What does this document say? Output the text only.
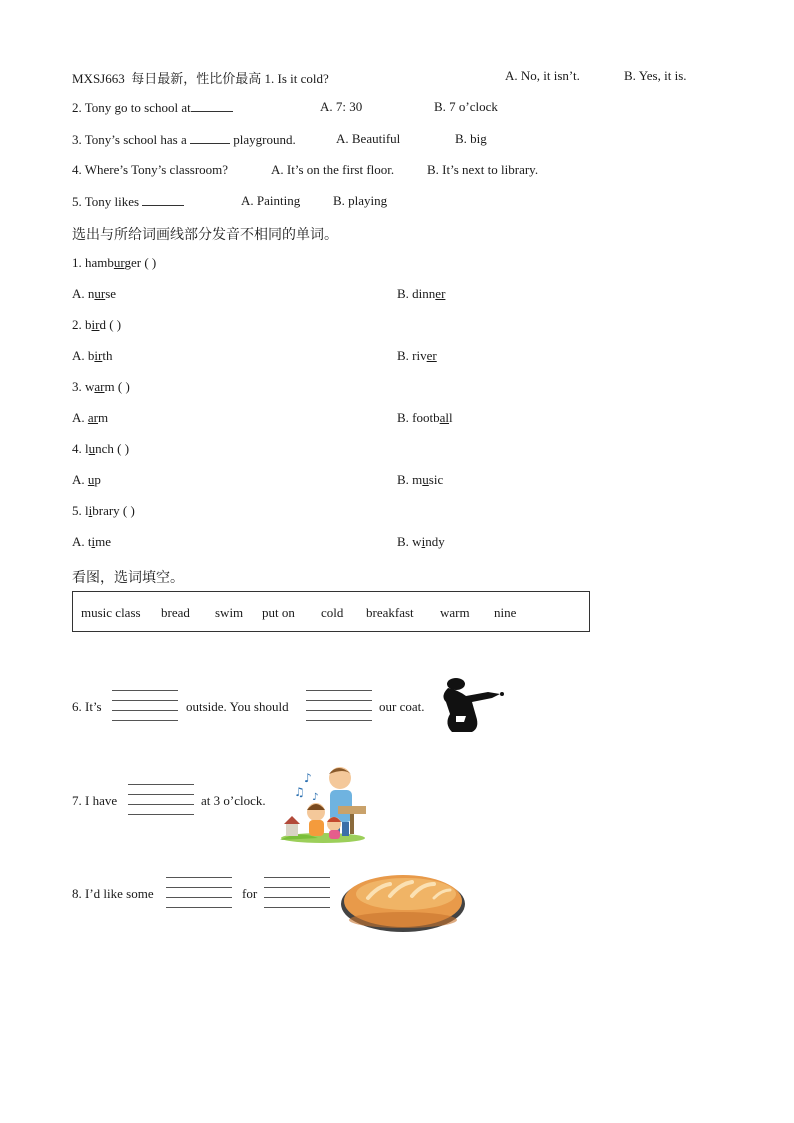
MXSJ663 每日最新，性比价最高 1. Is it cold?	A. No, it isn’t.	B. Yes, it is.
2. Tony go to school at	A. 7: 30	B. 7 o’clock
3. Tony’s school has a	playground.	A. Beautiful	B. big
4. Where’s Tony’s classroom?	A. It’s on the first floor.	B. It’s next to library.
5. Tony likes	A. Painting	B. playing
选出与所给词画线部分发音不相同的单词。
1. hamburger ( )
A. nurse	B. dinner
2. bird ( )
A. birth	B. river
3. warm ( )
A. arm	B. football
4. lunch ( )
A. up	B. music
5. library ( )
A. time	B. windy
看图，选词填空。
music class bread swim put on cold breakfast warm nine
6. It’s	outside. You should	our coat.
7. I have	at 3 o’clock.
♪
♫ ♪
8. I’d like some	for
